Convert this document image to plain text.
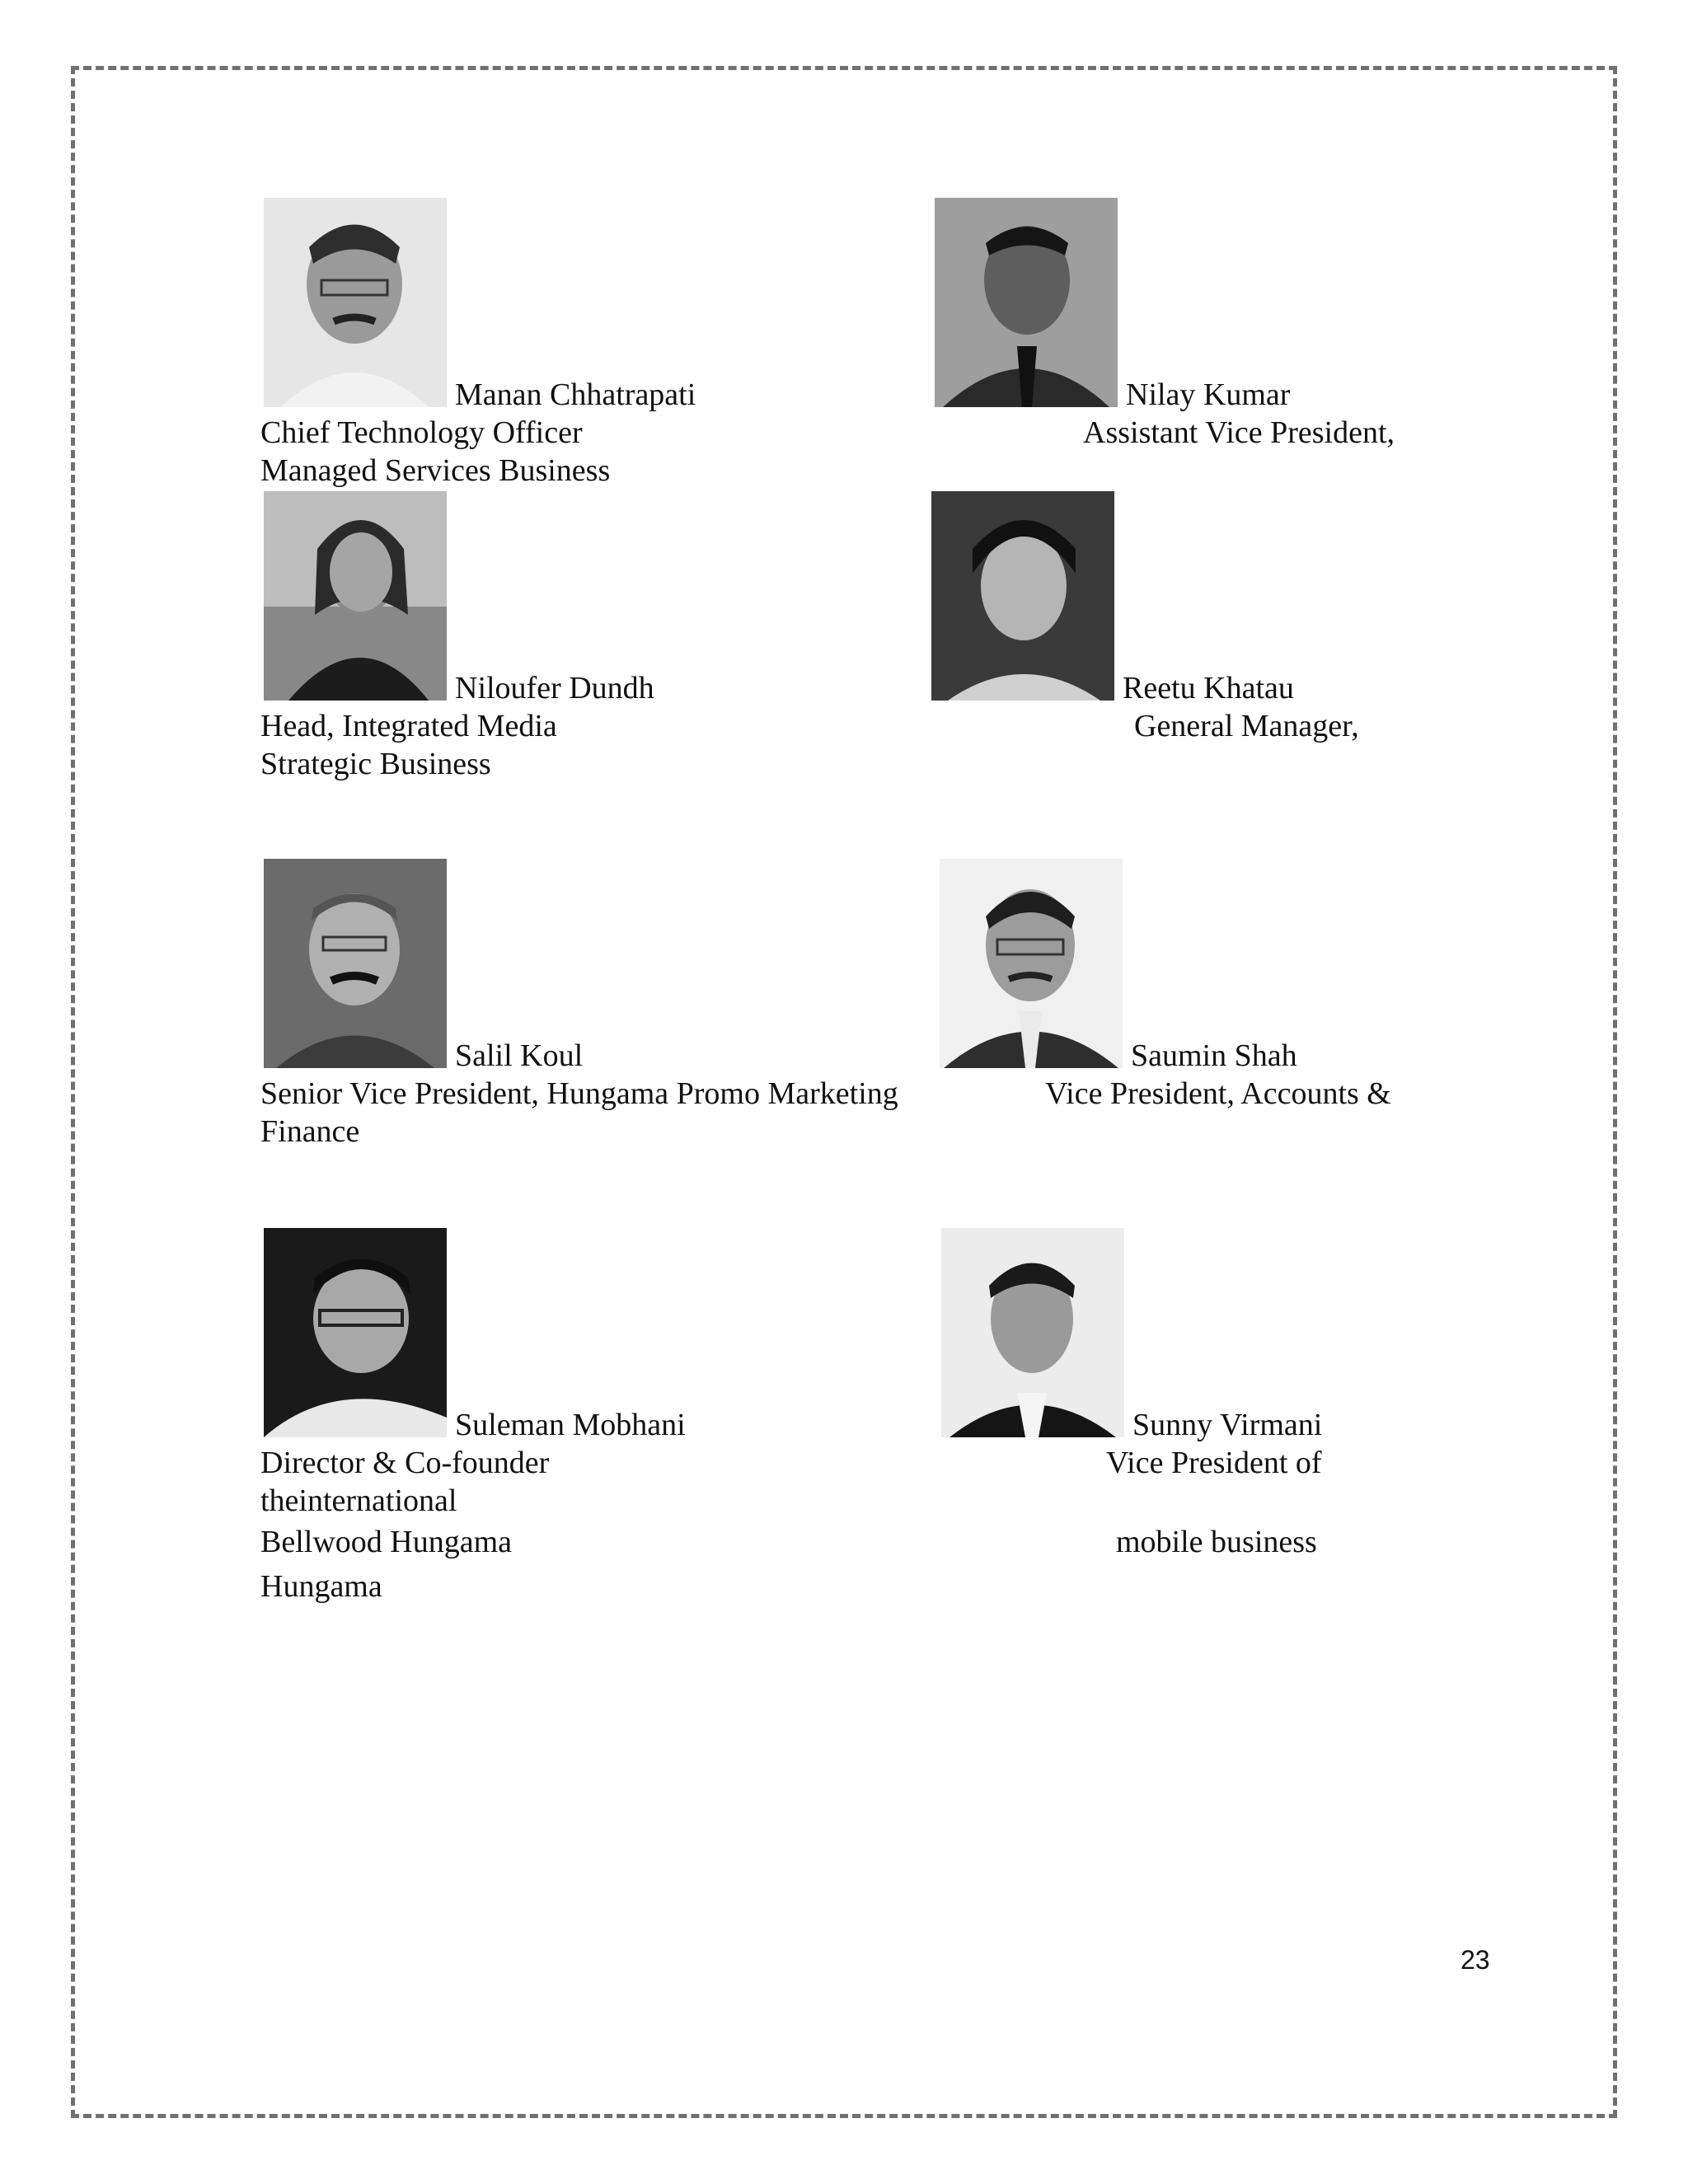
Manan Chhatrapati
Chief Technology Officer
Managed Services Business
Nilay Kumar
Assistant Vice President,
Niloufer Dundh
Head, Integrated Media
Strategic Business
Reetu Khatau
General Manager,
Salil Koul
Senior Vice President, Hungama Promo Marketing
Finance
Saumin Shah
Vice President, Accounts &
Suleman Mobhani
Director & Co-founder
theinternational
Bellwood Hungama
Hungama
Sunny Virmani
Vice President of
mobile business
23
